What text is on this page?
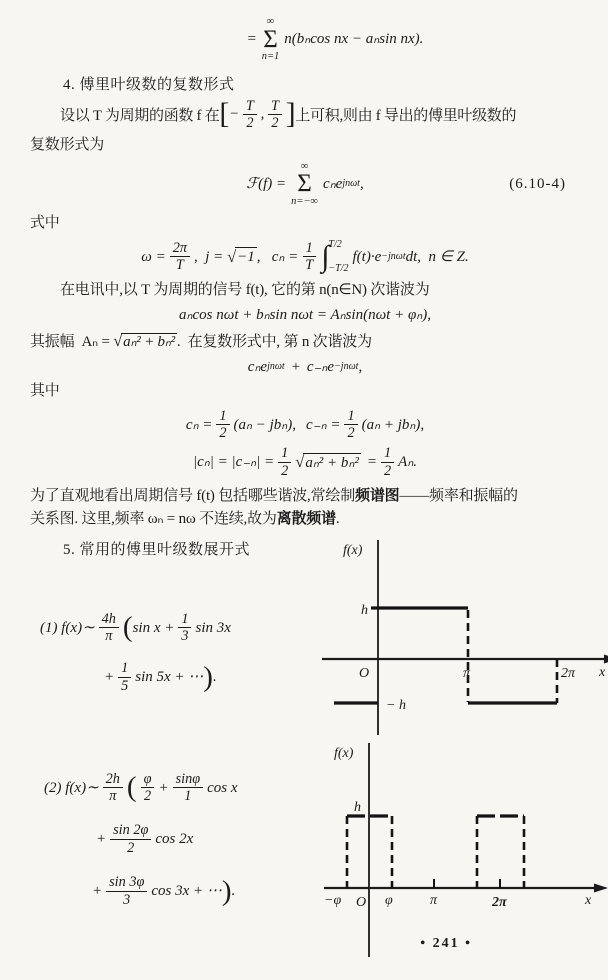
=
∞
Σ
n=1
n(bₙcos nx − aₙsin nx).
4. 傅里叶级数的复数形式
设以 T 为周期的函数 f 在 [ − $\frac{T}{2}$ , $\frac{T}{2}$ ] 上可积,则由 f 导出的傅里叶级数的

复数形式为

ℱ(f) =
∞
Σ
n=−∞
cₙe jnωt ,	(6.10-4)

式中

$\omega = \frac{2\pi}{T}$ ,  j = √ −1 ,   $c_n = \frac{1}{T}$ ∫ T/2
−T/2
f(t)·e −jnωt dt,  n ∈ Z.

在电讯中,以 T 为周期的信号 f(t), 它的第 n(n∈N) 次谐波为

aₙcos nωt + bₙsin nωt = Aₙsin(nωt + φₙ),

其振幅  Aₙ = √aₙ² + bₙ² .  在复数形式中, 第 n 次谐波为

cₙe jnωt + c₋ₙe −jnωt ,

其中

$c_n = \frac{1}{2} (a_n - jb_n)$, $c_{-n} = \frac{1}{2} (a_n + jb_n)$,
$|c_n| = |c_{-n}| = \frac{1}{2}$ √ $a_n^2 + b_n^2 = \frac{1}{2} A_n$.

为了直观地看出周期信号 f(t) 包括哪些谐波,常绘制频谱图——频率和振幅的
关系图. 这里,频率 ωₙ = nω 不连续,故为离散频谱.

5. 常用的傅里叶级数展开式
(1)
f(x)∼ $\frac{4h}{\pi}$ ( $\sin x + \frac{1}{3}$ sin 3x
+ $\frac{1}{5}$ sin 5x + ⋯ ) .
f(x)
h
O	π	2π x
− h
(2)
f(x)∼ $\frac{2h}{\pi}$ ( $\frac{\varphi}{2} + \frac{\sin\varphi}{1}$ cos x
+ $\frac{\sin 2\varphi}{2}$ cos 2x
+ $\frac{\sin 3\varphi}{3}$ cos 3x + ⋯ ) .
f(x)
h
−φ O φ	π	2π	x
• 241 •
